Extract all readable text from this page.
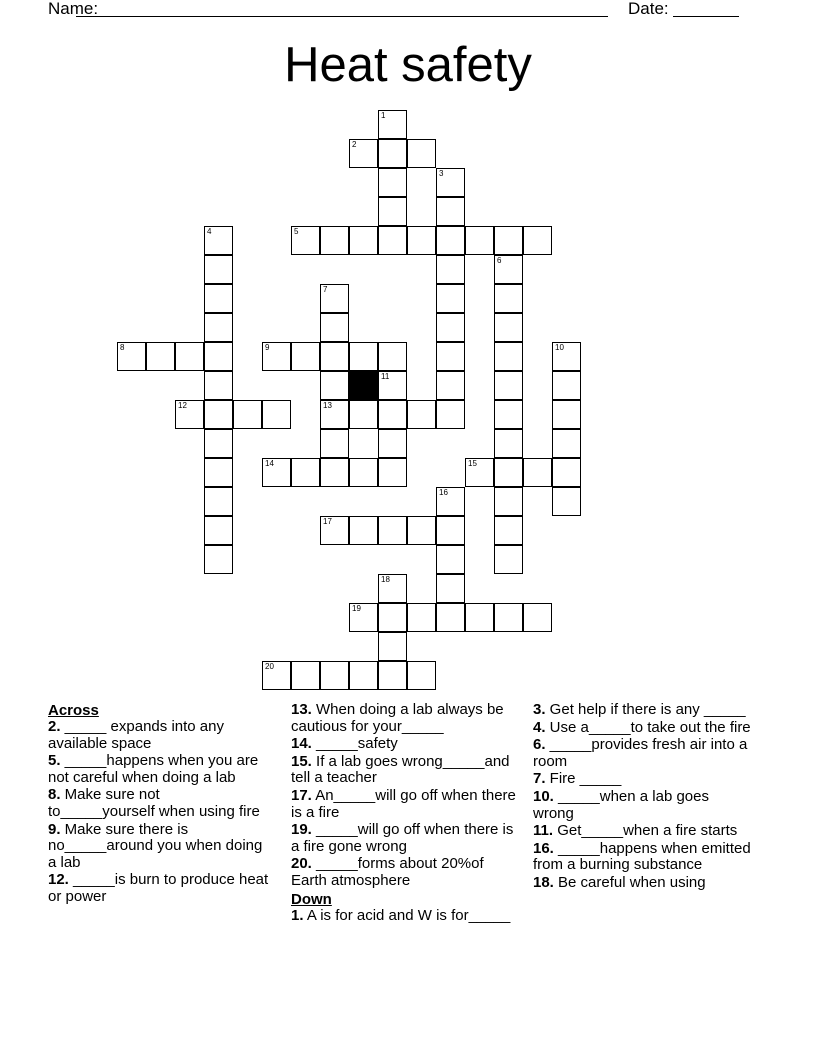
Name:	Date:
Heat safety
1
2
3
4	5
6
7
8	9	10
11
12	13
14	15
16
17
18
19
20
Across
2. _____ expands into any available space
5. _____happens when you are not careful when doing a lab
8. Make sure not to_____yourself when using fire
9. Make sure there is no_____around you when doing a lab
12. _____is burn to produce heat or power
13. When doing a lab always be cautious for your_____
14. _____safety
15. If a lab goes wrong_____and tell a teacher
17. An_____will go off when there is a fire
19. _____will go off when there is a fire gone wrong
20. _____forms about 20%of Earth atmosphere
Down
1. A is for acid and W is for_____
3. Get help if there is any _____
4. Use a_____to take out the fire
6. _____provides fresh air into a room
7. Fire _____
10. _____when a lab goes wrong
11. Get_____when a fire starts
16. _____happens when emitted from a burning substance
18. Be careful when using
